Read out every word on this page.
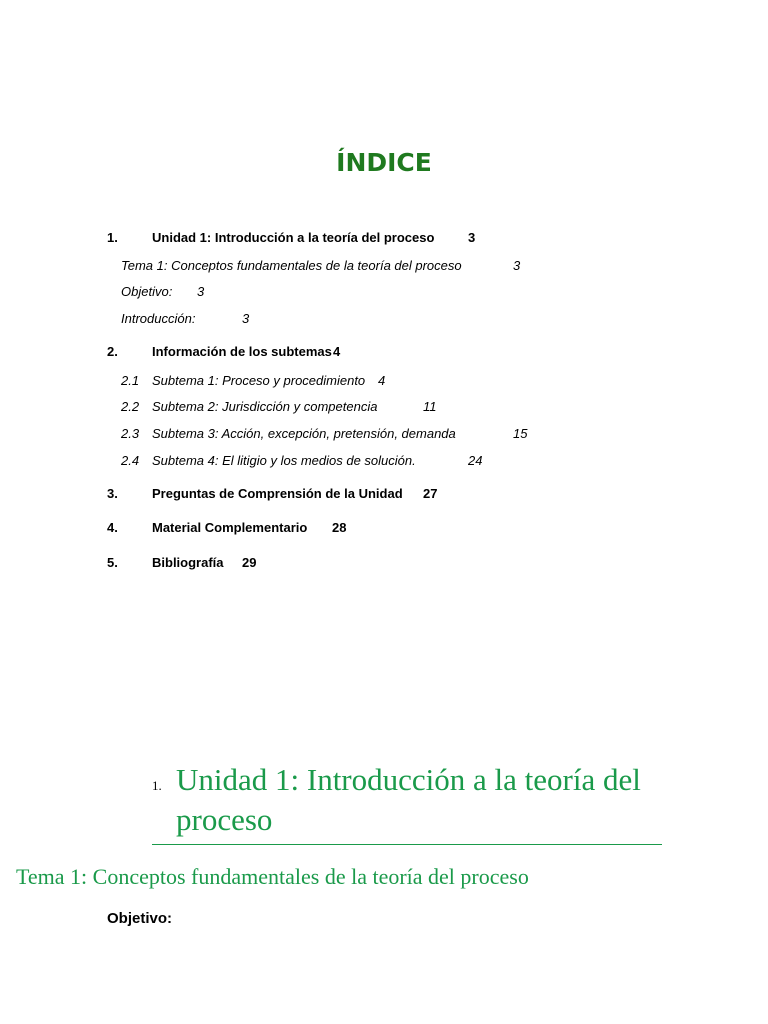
ÍNDICE
1.	Unidad 1: Introducción a la teoría del proceso	3
Tema 1: Conceptos fundamentales de la teoría del proceso	3
Objetivo: 3
Introducción:	3
2.	Información de los subtemas 4
2.1 Subtema 1: Proceso y procedimiento 4
2.2 Subtema 2: Jurisdicción y competencia	11
2.3 Subtema 3: Acción, excepción, pretensión, demanda	15
2.4 Subtema 4: El litigio y los medios de solución.	24
3.	Preguntas de Comprensión de la Unidad 27
4.	Material Complementario 28
5.	Bibliografía 29
1. Unidad 1: Introducción a la teoría del proceso
Tema 1: Conceptos fundamentales de la teoría del proceso
Objetivo:
